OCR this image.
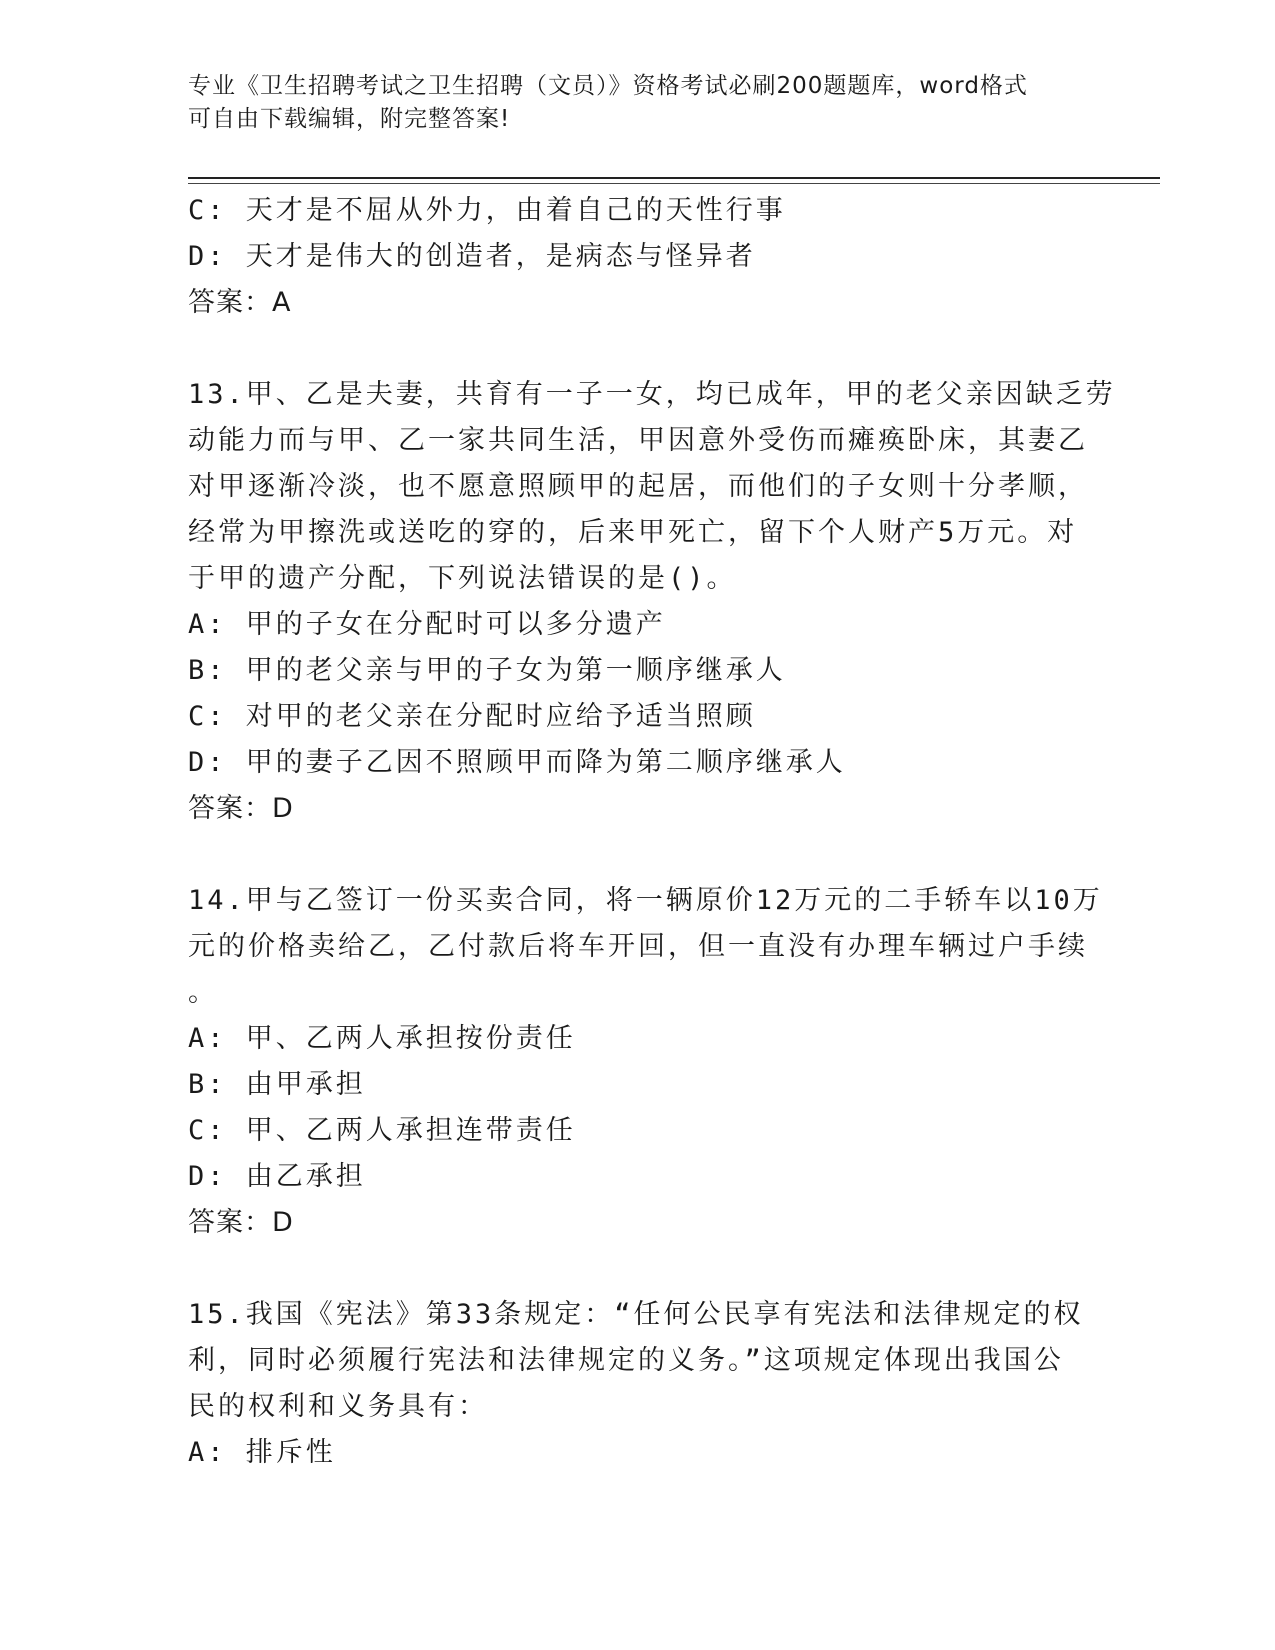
专业《卫生招聘考试之卫生招聘（文员）》资格考试必刷200题题库，word格式
可自由下载编辑，附完整答案!
C: 天才是不屈从外力，由着自己的天性行事
D: 天才是伟大的创造者，是病态与怪异者
答案：A
13.甲、乙是夫妻，共育有一子一女，均已成年，甲的老父亲因缺乏劳
动能力而与甲、乙一家共同生活，甲因意外受伤而瘫痪卧床，其妻乙
对甲逐渐冷淡，也不愿意照顾甲的起居，而他们的子女则十分孝顺，
经常为甲擦洗或送吃的穿的，后来甲死亡，留下个人财产5万元。对
于甲的遗产分配，下列说法错误的是()。
A: 甲的子女在分配时可以多分遗产
B: 甲的老父亲与甲的子女为第一顺序继承人
C: 对甲的老父亲在分配时应给予适当照顾
D: 甲的妻子乙因不照顾甲而降为第二顺序继承人
答案：D
14.甲与乙签订一份买卖合同，将一辆原价12万元的二手轿车以10万
元的价格卖给乙，乙付款后将车开回，但一直没有办理车辆过户手续
。
A: 甲、乙两人承担按份责任
B: 由甲承担
C: 甲、乙两人承担连带责任
D: 由乙承担
答案：D
15.我国《宪法》第33条规定：“任何公民享有宪法和法律规定的权
利，同时必须履行宪法和法律规定的义务。”这项规定体现出我国公
民的权利和义务具有：
A: 排斥性
